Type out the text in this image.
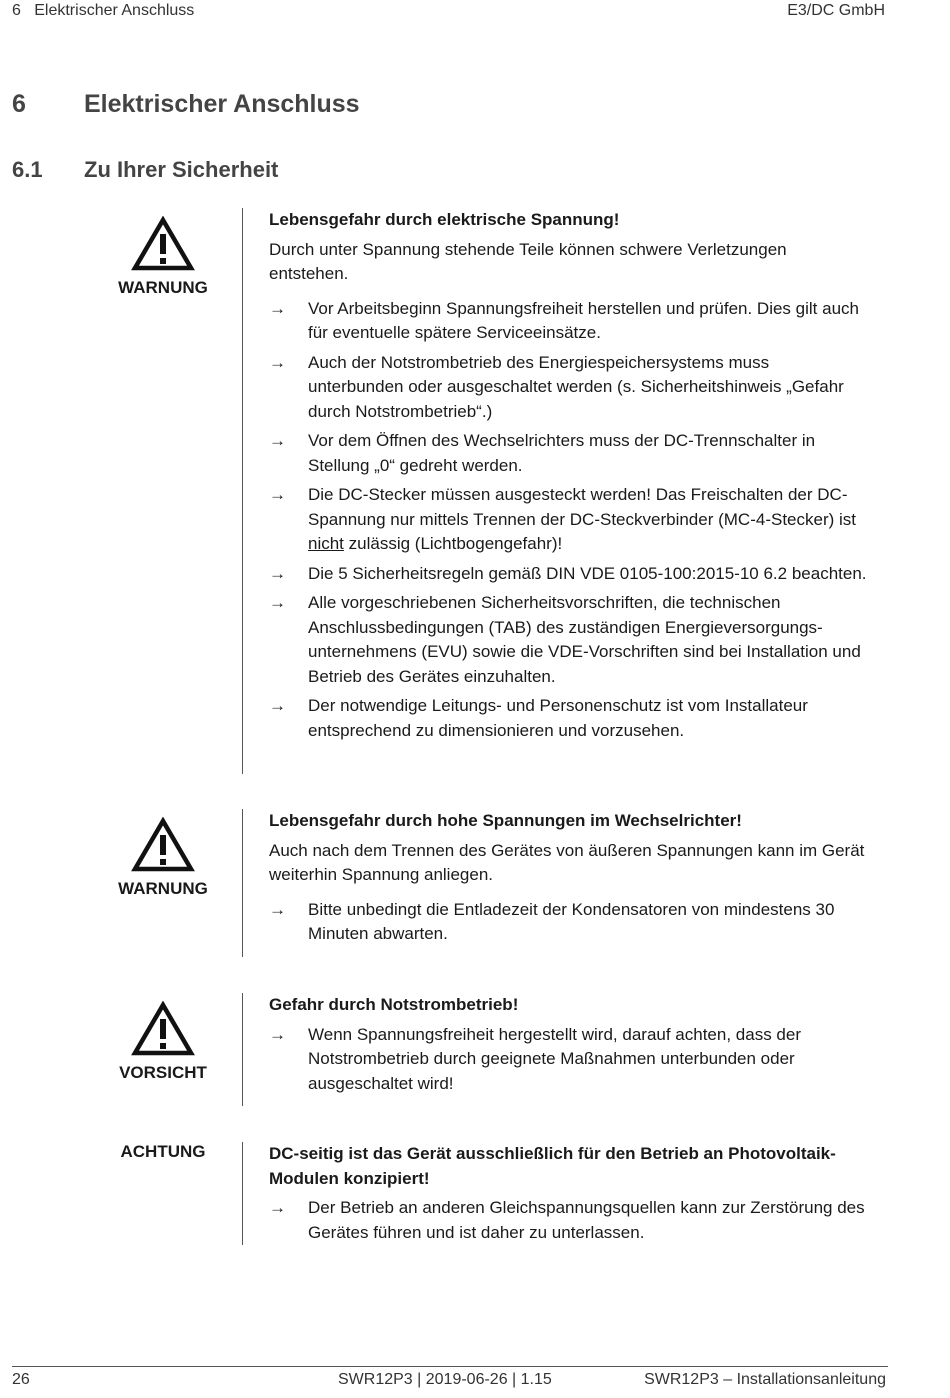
6   Elektrischer Anschluss	E3/DC GmbH
6	Elektrischer Anschluss
6.1	Zu Ihrer Sicherheit
WARNUNG
Lebensgefahr durch elektrische Spannung!
Durch unter Spannung stehende Teile können schwere Verletzungen entstehen.
→ Vor Arbeitsbeginn Spannungsfreiheit herstellen und prüfen. Dies gilt auch für eventuelle spätere Serviceeinsätze.
→ Auch der Notstrombetrieb des Energiespeichersystems muss unterbunden oder ausgeschaltet werden (s. Sicherheitshinweis „Gefahr durch Notstrombetrieb“.)
→ Vor dem Öffnen des Wechselrichters muss der DC-Trennschalter in Stellung „0“ gedreht werden.
→ Die DC-Stecker müssen ausgesteckt werden! Das Freischalten der DC-Spannung nur mittels Trennen der DC-Steckverbinder (MC-4-Stecker) ist nicht zulässig (Lichtbogengefahr)!
→ Die 5 Sicherheitsregeln gemäß DIN VDE 0105-100:2015-10 6.2 beachten.
→ Alle vorgeschriebenen Sicherheitsvorschriften, die technischen Anschlussbedingungen (TAB) des zuständigen Energieversorgungs-unternehmens (EVU) sowie die VDE-Vorschriften sind bei Installation und Betrieb des Gerätes einzuhalten.
→ Der notwendige Leitungs- und Personenschutz ist vom Installateur entsprechend zu dimensionieren und vorzusehen.
WARNUNG
Lebensgefahr durch hohe Spannungen im Wechselrichter!
Auch nach dem Trennen des Gerätes von äußeren Spannungen kann im Gerät weiterhin Spannung anliegen.
→ Bitte unbedingt die Entladezeit der Kondensatoren von mindestens 30 Minuten abwarten.
VORSICHT
Gefahr durch Notstrombetrieb!
→ Wenn Spannungsfreiheit hergestellt wird, darauf achten, dass der Notstrombetrieb durch geeignete Maßnahmen unterbunden oder ausgeschaltet wird!
ACHTUNG	DC-seitig ist das Gerät ausschließlich für den Betrieb an Photovoltaik-Modulen konzipiert!
→ Der Betrieb an anderen Gleichspannungsquellen kann zur Zerstörung des Gerätes führen und ist daher zu unterlassen.
26	SWR12P3 | 2019-06-26 | 1.15	SWR12P3 – Installationsanleitung
